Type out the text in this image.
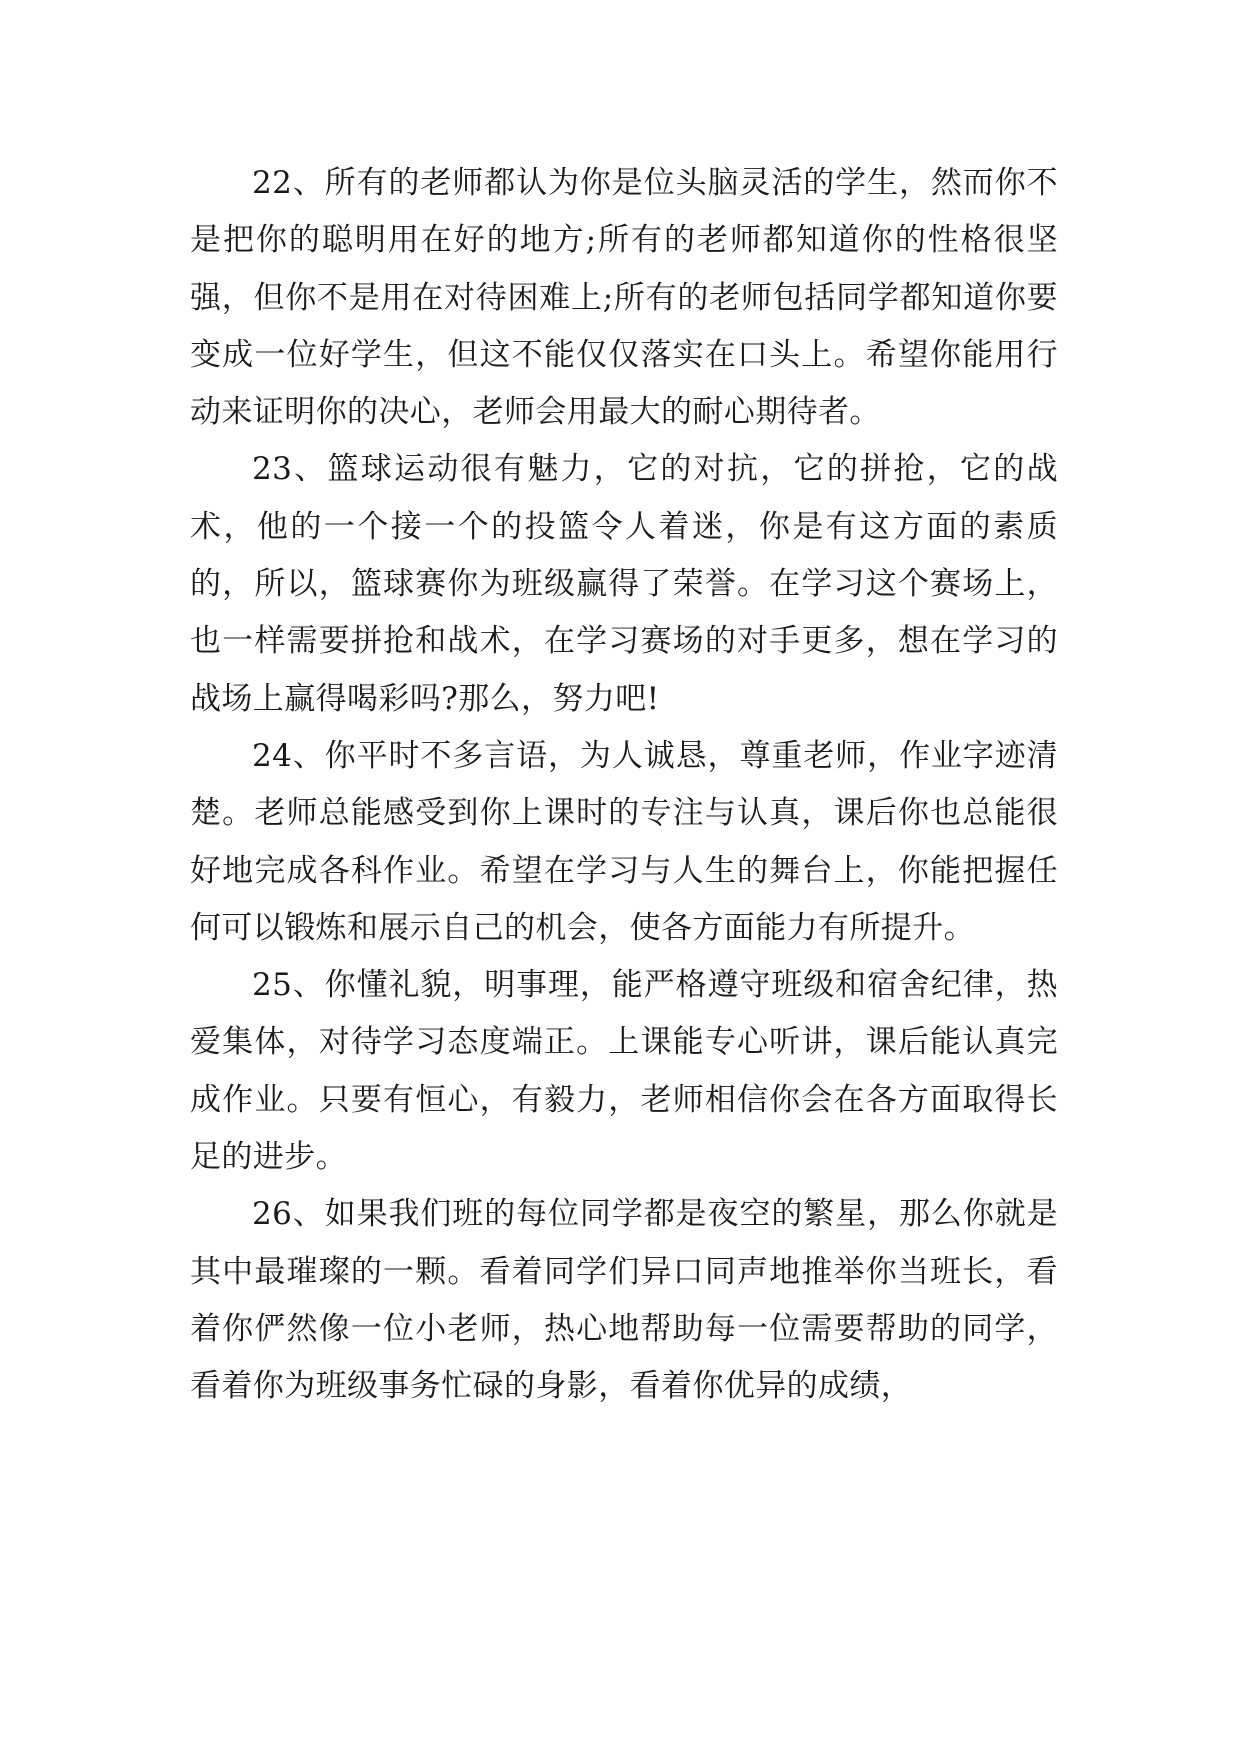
22、所有的老师都认为你是位头脑灵活的学生，然而你不是把你的聪明用在好的地方;所有的老师都知道你的性格很坚强，但你不是用在对待困难上;所有的老师包括同学都知道你要变成一位好学生，但这不能仅仅落实在口头上。希望你能用行动来证明你的决心，老师会用最大的耐心期待者。

23、篮球运动很有魅力，它的对抗，它的拼抢，它的战术，他的一个接一个的投篮令人着迷，你是有这方面的素质的，所以，篮球赛你为班级赢得了荣誉。在学习这个赛场上，也一样需要拼抢和战术，在学习赛场的对手更多，想在学习的战场上赢得喝彩吗?那么，努力吧!

24、你平时不多言语，为人诚恳，尊重老师，作业字迹清楚。老师总能感受到你上课时的专注与认真，课后你也总能很好地完成各科作业。希望在学习与人生的舞台上，你能把握任何可以锻炼和展示自己的机会，使各方面能力有所提升。

25、你懂礼貌，明事理，能严格遵守班级和宿舍纪律，热爱集体，对待学习态度端正。上课能专心听讲，课后能认真完成作业。只要有恒心，有毅力，老师相信你会在各方面取得长足的进步。

26、如果我们班的每位同学都是夜空的繁星，那么你就是其中最璀璨的一颗。看着同学们异口同声地推举你当班长，看着你俨然像一位小老师，热心地帮助每一位需要帮助的同学，看着你为班级事务忙碌的身影，看着你优异的成绩，
